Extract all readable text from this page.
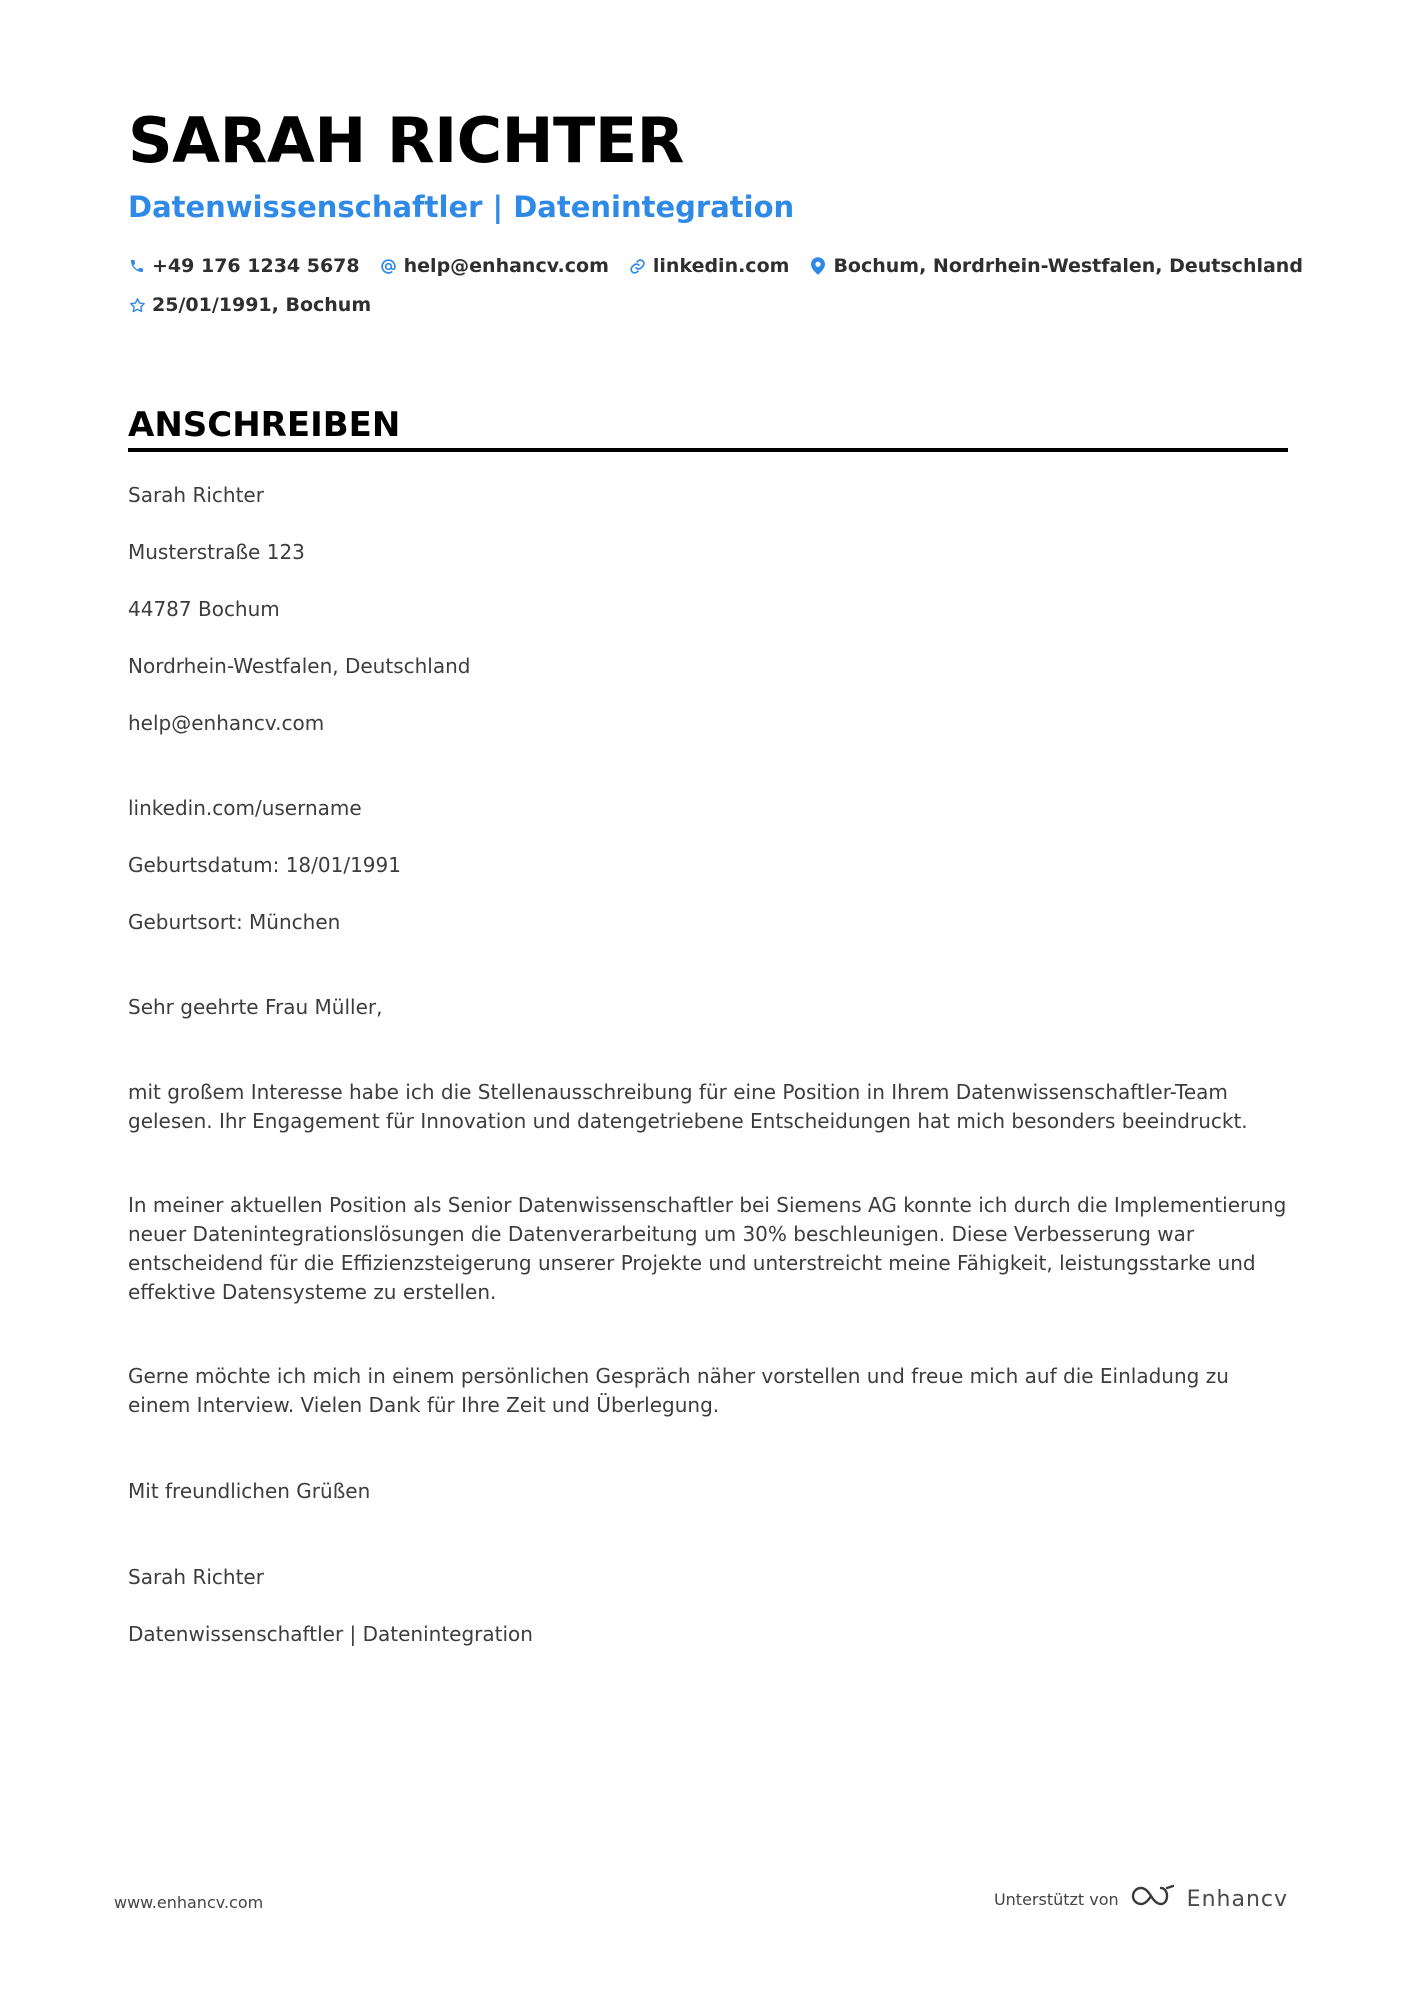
SARAH RICHTER
Datenwissenschaftler | Datenintegration
+49 176 1234 5678 help@enhancv.com linkedin.com Bochum, Nordrhein-Westfalen, Deutschland
25/01/1991, Bochum
ANSCHREIBEN
Sarah Richter
Musterstraße 123
44787 Bochum
Nordrhein-Westfalen, Deutschland
help@enhancv.com
linkedin.com/username
Geburtsdatum: 18/01/1991
Geburtsort: München
Sehr geehrte Frau Müller,
mit großem Interesse habe ich die Stellenausschreibung für eine Position in Ihrem Datenwissenschaftler-Team gelesen. Ihr Engagement für Innovation und datengetriebene Entscheidungen hat mich besonders beeindruckt.
In meiner aktuellen Position als Senior Datenwissenschaftler bei Siemens AG konnte ich durch die Implementierung neuer Datenintegrationslösungen die Datenverarbeitung um 30% beschleunigen. Diese Verbesserung war entscheidend für die Effizienzsteigerung unserer Projekte und unterstreicht meine Fähigkeit, leistungsstarke und effektive Datensysteme zu erstellen.
Gerne möchte ich mich in einem persönlichen Gespräch näher vorstellen und freue mich auf die Einladung zu einem Interview. Vielen Dank für Ihre Zeit und Überlegung.
Mit freundlichen Grüßen
Sarah Richter
Datenwissenschaftler | Datenintegration
www.enhancv.com	Unterstützt von	Enhancv
